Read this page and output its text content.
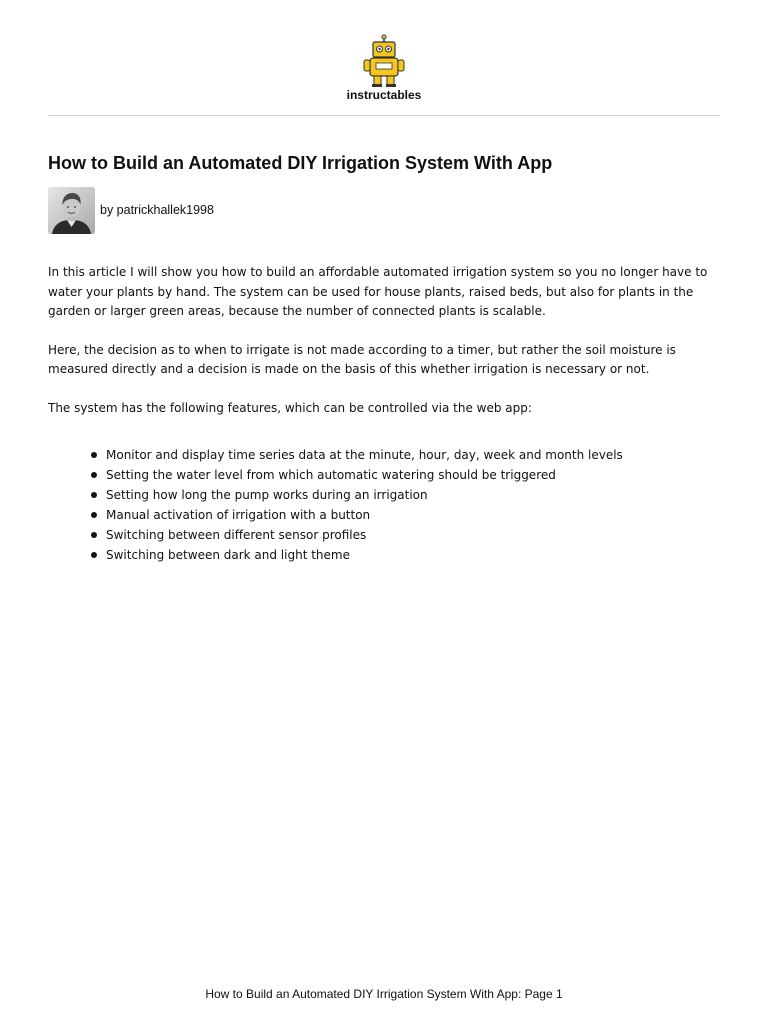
instructables
How to Build an Automated DIY Irrigation System With App
by patrickhallek1998

In this article I will show you how to build an affordable automated irrigation system so you no longer have to water your plants by hand. The system can be used for house plants, raised beds, but also for plants in the garden or larger green areas, because the number of connected plants is scalable.

Here, the decision as to when to irrigate is not made according to a timer, but rather the soil moisture is measured directly and a decision is made on the basis of this whether irrigation is necessary or not.

The system has the following features, which can be controlled via the web app:

Monitor and display time series data at the minute, hour, day, week and month levels
Setting the water level from which automatic watering should be triggered
Setting how long the pump works during an irrigation
Manual activation of irrigation with a button
Switching between different sensor profiles
Switching between dark and light theme
How to Build an Automated DIY Irrigation System With App: Page 1
